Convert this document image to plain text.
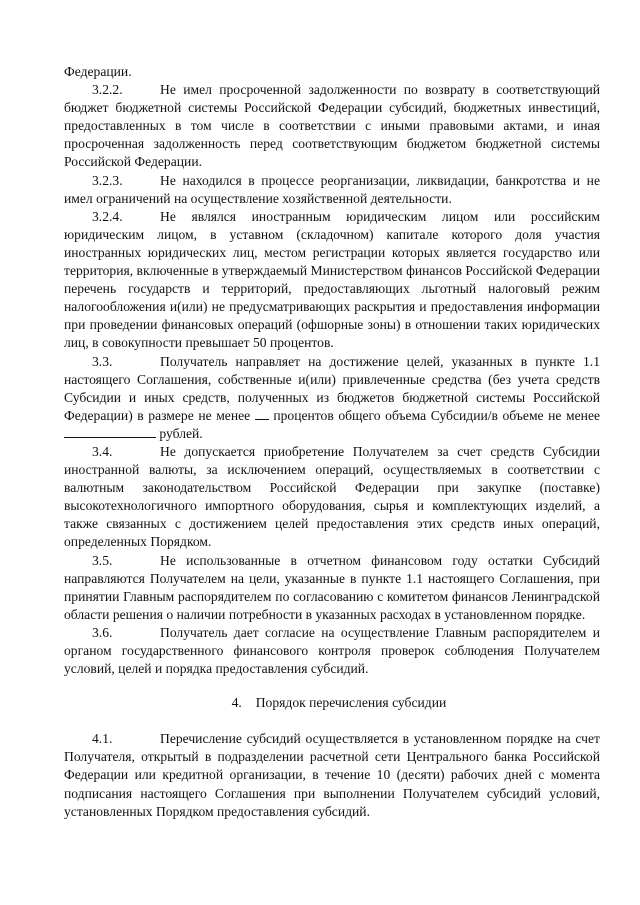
Федерации.

3.2.2.	Не имел просроченной задолженности по возврату в соответствующий бюджет бюджетной системы Российской Федерации субсидий, бюджетных инвестиций, предоставленных в том числе в соответствии с иными правовыми актами, и иная просроченная задолженность перед соответствующим бюджетом бюджетной системы Российской Федерации.

3.2.3.	Не находился в процессе реорганизации, ликвидации, банкротства и не имел ограничений на осуществление хозяйственной деятельности.

3.2.4.	Не являлся иностранным юридическим лицом или российским юридическим лицом, в уставном (складочном) капитале которого доля участия иностранных юридических лиц, местом регистрации которых является государство или территория, включенные в утверждаемый Министерством финансов Российской Федерации перечень государств и территорий, предоставляющих льготный налоговый режим налогообложения и(или) не предусматривающих раскрытия и предоставления информации при проведении финансовых операций (офшорные зоны) в отношении таких юридических лиц, в совокупности превышает 50 процентов.

3.3.	Получатель направляет на достижение целей, указанных в пункте 1.1 настоящего Соглашения, собственные и(или) привлеченные средства (без учета средств Субсидии и иных средств, полученных из бюджетов бюджетной системы Российской Федерации) в размере не менее процентов общего объема Субсидии/в объеме не менее  рублей.

3.4.	Не допускается приобретение Получателем за счет средств Субсидии иностранной валюты, за исключением операций, осуществляемых в соответствии с валютным законодательством Российской Федерации при закупке (поставке) высокотехнологичного импортного оборудования, сырья и комплектующих изделий, а также связанных с достижением целей предоставления этих средств иных операций, определенных Порядком.

3.5.	Не использованные в отчетном финансовом году остатки Субсидий направляются Получателем на цели, указанные в пункте 1.1 настоящего Соглашения, при принятии Главным распорядителем по согласованию с комитетом финансов Ленинградской области решения о наличии потребности в указанных расходах в установленном порядке.

3.6.	Получатель дает согласие на осуществление Главным распорядителем и органом государственного финансового контроля проверок соблюдения Получателем условий, целей и порядка предоставления субсидий.

4. Порядок перечисления субсидии

4.1.	Перечисление субсидий осуществляется в установленном порядке на счет Получателя, открытый в подразделении расчетной сети Центрального банка Российской Федерации или кредитной организации, в течение 10 (десяти) рабочих дней с момента подписания настоящего Соглашения при выполнении Получателем субсидий условий, установленных Порядком предоставления субсидий.
